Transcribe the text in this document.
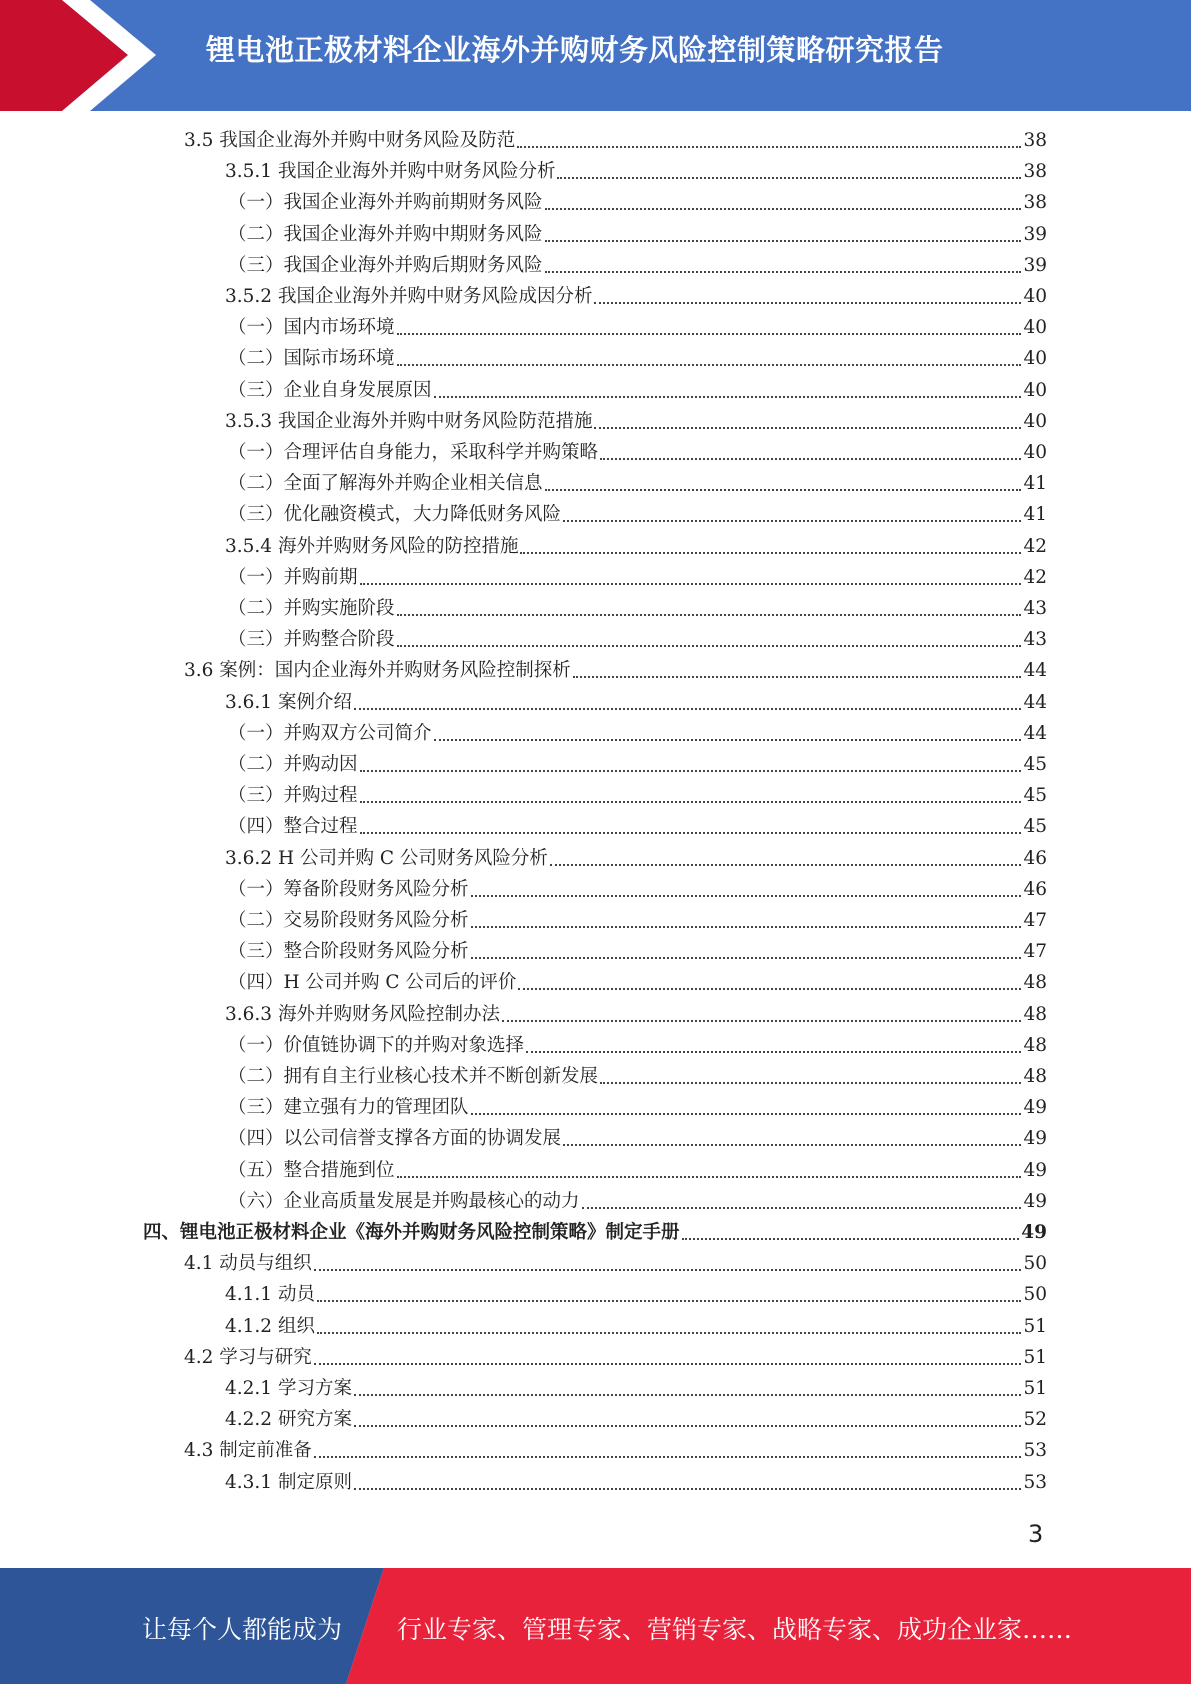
锂电池正极材料企业海外并购财务风险控制策略研究报告
3.5 我国企业海外并购中财务风险及防范	38
3.5.1 我国企业海外并购中财务风险分析	38
（一）我国企业海外并购前期财务风险	38
（二）我国企业海外并购中期财务风险	39
（三）我国企业海外并购后期财务风险	39
3.5.2 我国企业海外并购中财务风险成因分析	40
（一）国内市场环境	40
（二）国际市场环境	40
（三）企业自身发展原因	40
3.5.3 我国企业海外并购中财务风险防范措施	40
（一）合理评估自身能力，采取科学并购策略	40
（二）全面了解海外并购企业相关信息	41
（三）优化融资模式，大力降低财务风险	41
3.5.4 海外并购财务风险的防控措施	42
（一）并购前期	42
（二）并购实施阶段	43
（三）并购整合阶段	43
3.6 案例：国内企业海外并购财务风险控制探析	44
3.6.1 案例介绍	44
（一）并购双方公司简介	44
（二）并购动因	45
（三）并购过程	45
（四）整合过程	45
3.6.2 H 公司并购 C 公司财务风险分析	46
（一）筹备阶段财务风险分析	46
（二）交易阶段财务风险分析	47
（三）整合阶段财务风险分析	47
（四）H 公司并购 C 公司后的评价	48
3.6.3 海外并购财务风险控制办法	48
（一）价值链协调下的并购对象选择	48
（二）拥有自主行业核心技术并不断创新发展	48
（三）建立强有力的管理团队	49
（四）以公司信誉支撑各方面的协调发展	49
（五）整合措施到位	49
（六）企业高质量发展是并购最核心的动力	49
四、锂电池正极材料企业《海外并购财务风险控制策略》制定手册	49
4.1 动员与组织	50
4.1.1 动员	50
4.1.2 组织	51
4.2 学习与研究	51
4.2.1 学习方案	51
4.2.2 研究方案	52
4.3 制定前准备	53
4.3.1 制定原则	53
3
让每个人都能成为 行业专家、管理专家、营销专家、战略专家、成功企业家……
